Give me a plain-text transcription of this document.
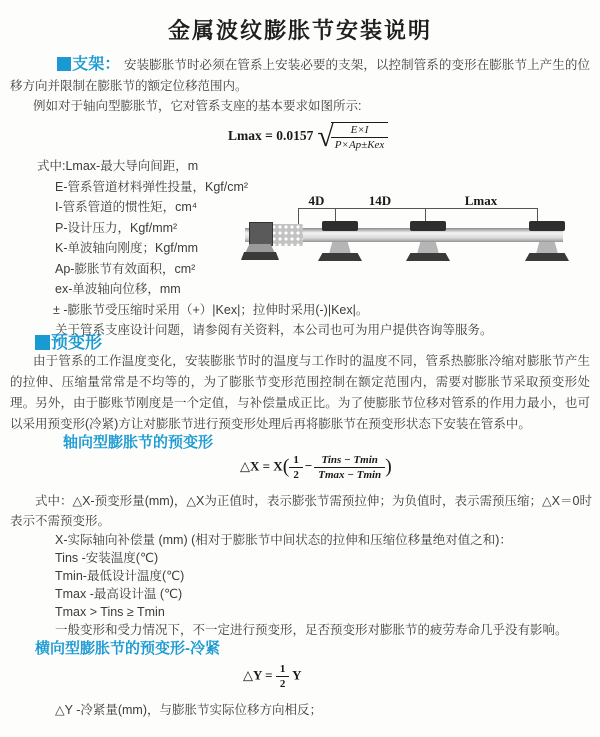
金属波纹膨胀节安装说明
支架： 安装膨胀节时必须在管系上安装必要的支架，以控制管系的变形在膨胀节上产生的位移方向并限制在膨胀节的额定位移范围内。
例如对于轴向型膨胀节，它对管系支座的基本要求如图所示:
Lmax = 0.0157 √
$\frac{E\times I}{\text{P×Ap±Kex}}$
式中:Lmax-最大导向间距，m
E-管系管道材料弹性投量，Kgf/cm²
I-管系管道的惯性矩，cm⁴
P-设计压力，Kgf/mm²
K-单波轴向刚度；Kgf/mm
Ap-膨胀节有效面积，cm²
ex-单波轴向位移，mm
± -膨胀节受压缩时采用（+）|Kex|；拉伸时采用(-)|Kex|。
关于管系支座设计问题，请参阅有关资料，本公司也可为用户提供咨询等服务。
4D	14D	Lmax
预变形
由于管系的工作温度变化，安装膨胀节时的温度与工作时的温度不同，管系热膨胀冷缩对膨胀节产生的拉伸、压缩量常常是不均等的，为了膨胀节变形范围控制在额定范围内，需要对膨胀节采取预变形处理。另外，由于膨账节刚度是一个定值，与补偿量成正比。为了使膨胀节位移对管系的作用力最小，也可以采用预变形(冷紧)方让对膨胀节进行预变形处理后再将膨胀节在预变形状态下安装在管系中。
轴向型膨胀节的预变形
△X = $X( \frac{1}{2} - \frac{\text{Tins − Tmin}}{Tmax - Tmin}$ )
式中：△X-预变形量(mm)，△X为正值时，表示膨张节需预拉伸；为负值时，表示需预压缩；△X＝0时表示不需预变形。
X-实际轴向补偿量 (mm) (相对于膨胀节中间状态的拉伸和压缩位移量绝对值之和)：
Tins -安装温度(℃)
Tmin-最低设计温度(℃)
Tmax -最高设计温 (℃)
Tmax > Tins ≥ Tmin
一般变形和受力情况下，不一定进行预变形，足否预变形对膨胀节的疲劳寿命几乎没有影响。
横向型膨胀节的预变形-冷紧
△Y = $\frac{1}{2}$ Y
△Y -冷紧量(mm)，与膨胀节实际位移方向相反；
